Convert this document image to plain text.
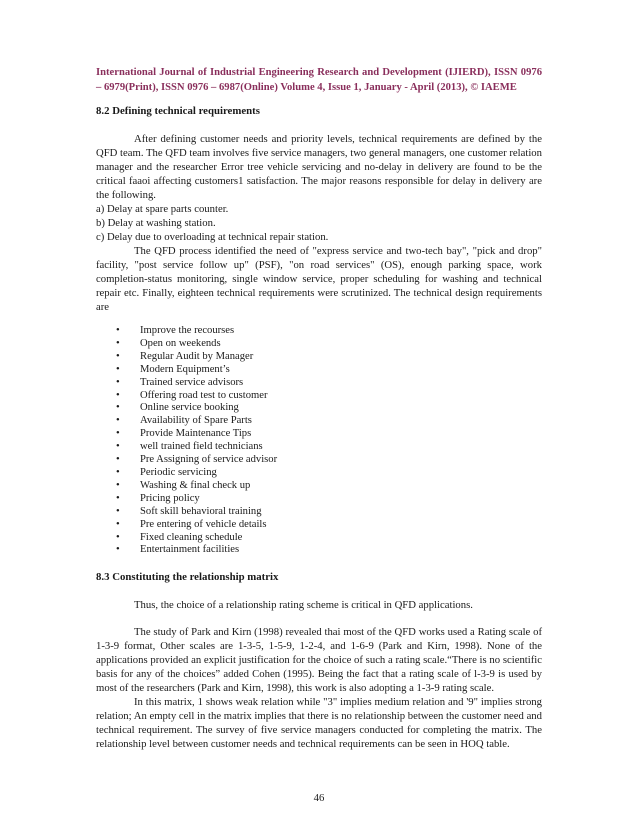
International Journal of Industrial Engineering Research and Development (IJIERD), ISSN 0976 – 6979(Print), ISSN 0976 – 6987(Online) Volume 4, Issue 1, January - April (2013), © IAEME

8.2 Defining technical requirements

After defining customer needs and priority levels, technical requirements are defined by the QFD team. The QFD team involves five service managers, two general managers, one customer relation manager and the researcher Error tree vehicle servicing and no-delay in delivery are found to be the critical faaoi affecting customers1 satisfaction. The major reasons responsible for delay in delivery are the following.

a) Delay at spare parts counter.

b) Delay at washing station.

c) Delay due to overloading at technical repair station.

The QFD process identified the need of "express service and two-tech bay", "pick and drop" facility, "post service follow up" (PSF), "on road services" (OS), enough parking space, work completion-status monitoring, single window service, proper scheduling for washing and technical repair etc. Finally, eighteen technical requirements were scrutinized. The technical design requirements are

•	Improve the recourses
•	Open on weekends
•	Regular Audit by Manager
•	Modern Equipment’s
•	Trained service advisors
•	Offering road test to customer
•	Online service booking
•	Availability of Spare Parts
•	Provide Maintenance Tips
•	well trained field technicians
•	Pre Assigning of service advisor
•	Periodic servicing
•	Washing & final check up
•	Pricing policy
•	Soft skill behavioral training
•	Pre entering of vehicle details
•	Fixed cleaning schedule
•	Entertainment facilities
8.3 Constituting the relationship matrix

Thus, the choice of a relationship rating scheme is critical in QFD applications.

The study of Park and Kirn (1998) revealed thai most of the QFD works used a Rating scale of 1-3-9 format, Other scales are 1-3-5, 1-5-9, 1-2-4, and 1-6-9 (Park and Kirn, 1998). None of the applications provided an explicit justification for the choice of such a rating scale.“There is no scientific basis for any of the choices” added Cohen (1995). Being the fact that a rating scale of l-3-9 is used by most of the researchers (Park and Kirn, 1998), this work is also adopting a 1-3-9 rating scale.

In this matrix, 1 shows weak relation while "3" implies medium relation and '9" implies strong relation; An empty cell in the matrix implies that there is no relationship between the customer need and technical requirement. The survey of five service managers conducted for completing the matrix. The relationship level between customer needs and technical requirements can be seen in HOQ table.

46
